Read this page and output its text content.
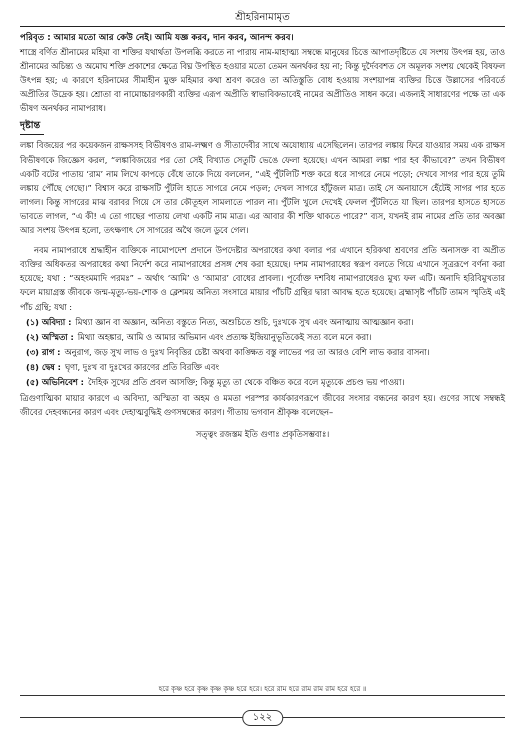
শ্রীহরিনামামৃত

পরিবৃত : আমার মতো আর কেউ নেই। আমি যজ্ঞ করব, দান করব, আনন্দ করব।

শাস্ত্রে বর্ণিত শ্রীনামের মহিমা বা শক্তির যথার্থতা উপলব্ধি করতে না পারায় নাম-মাহাত্ম্য সম্বন্ধে মানুষের চিত্তে আপাতদৃষ্টিতে যে সংশয় উৎপন্ন হয়, তাও শ্রীনামের অচিন্ত্য ও অমোঘ শক্তি প্রকাশের ক্ষেত্রে বিঘ্ন উপস্থিত হওয়ার মতো তেমন অনর্থকর হয় না; কিন্তু দুর্দৈববশত সে অমূলক সংশয় থেকেই বিষফল উৎপন্ন হয়; এ কারণে হরিনামের সীমাহীন মুক্ত মহিমার কথা শ্রবণ করেও তা অতিস্তুতি বোধ হওয়ায় সংশয়াপন্ন ব্যক্তির চিত্তে উল্লাসের পরিবর্তে অপ্রীতির উদ্রেক হয়। শ্রোতা বা নামোচ্চারণকারী ব্যক্তির এরূপ অপ্রীতি স্বাভাবিকভাবেই নামের অপ্রীতিও সাধন করে। এজন্যই সাধারণের পক্ষে তা এক ভীষণ অনর্থকর নামাপরাধ।

দৃষ্টান্ত

লঙ্কা বিজয়ের পর কয়েকজন রাক্ষসসহ বিভীষণও রাম-লক্ষ্মণ ও সীতাদেবীর সাথে অযোধ্যায় এসেছিলেন। তারপর লঙ্কায় ফিরে যাওয়ার সময় এক রাক্ষস বিভীষণকে জিজ্ঞেস করল, “লঙ্কাবিজয়ের পর তো সেই বিখ্যাত সেতুটি ভেঙে ফেলা হয়েছে। এখন আমরা লঙ্কা পার হব কীভাবে?” তখন বিভীষণ একটি বটের পাতায় ‘রাম’ নাম লিখে কাপড়ে বেঁধে তাকে দিয়ে বললেন, “এই পুঁটলিটি শক্ত করে ধরে সাগরে নেমে পড়ো; দেখবে সাগর পার হয়ে তুমি লঙ্কায় পৌঁছে গেছো।” বিশ্বাস করে রাক্ষসটি পুঁটলি হাতে সাগরে নেমে পড়ল; দেখল সাগরে হাঁটুজল মাত্র। তাই সে অনায়াসে হেঁটেই সাগর পার হতে লাগল। কিন্তু সাগরের মাঝ বরাবর গিয়ে সে তার কৌতূহল সামলাতে পারল না। পুঁটলি খুলে দেখেই ফেলল পুঁটলিতে যা ছিল। তারপর হাসতে হাসতে ভাবতে লাগল, “এ কী! এ তো গাছের পাতায় লেখা একটি নাম মাত্র। এর আবার কী শক্তি থাকতে পারে?” ব্যস, যখনই রাম নামের প্রতি তার অবজ্ঞা আর সংশয় উৎপন্ন হলো, তৎক্ষণাৎ সে সাগরের অথৈ জলে ডুবে গেল।

নবম নামাপরাধে শ্রদ্ধাহীন ব্যক্তিকে নামোপদেশ প্রদানে উপদেষ্টার অপরাধের কথা বলার পর এখানে হরিকথা শ্রবণের প্রতি অনাসক্ত বা অপ্রীত ব্যক্তির অধিকতর অপরাধের কথা নির্দেশ করে নামাপরাধের প্রসঙ্গ শেষ করা হয়েছে। দশম নামাপরাধের স্বরূপ বলতে গিয়ে এখানে সূত্ররূপে বর্ণনা করা হয়েছে; যথা : “অহংমমাদি পরমঃ” – অর্থাৎ ‘আমি’ ও ‘আমার’ বোধের প্রাবল্য। পূর্বোক্ত দশবিধ নামাপরাধেরও মুখ্য ফল এটি। অনাদি হরিবিমুখতার ফলে মায়াগ্রস্ত জীবকে জন্ম-মৃত্যু-ভয়-শোক ও ক্লেশময় অনিত্য সংসারে মায়ার পাঁচটি গ্রন্থির দ্বারা আবদ্ধ হতে হয়েছে। ব্রহ্মাসৃষ্ট পাঁচটি তামস স্মৃতিই এই পাঁচ গ্রন্থি; যথা :

(১) অবিদ্যা : মিথ্যা জ্ঞান বা অজ্ঞান, অনিত্য বস্তুতে নিত্য, অশুচিতে শুচি, দুঃখকে সুখ এবং অনাত্মায় আত্মজ্ঞান করা।
(২) অস্মিতা : মিথ্যা অহঙ্কার, আমি ও আমার অভিমান এবং প্রত্যক্ষ ইন্দ্রিয়ানুভূতিকেই সত্য বলে মনে করা।
(৩) রাগ : অনুরাগ, জড় সুখ লাভ ও দুঃখ নিবৃত্তির চেষ্টা অথবা কাঙ্ক্ষিত বস্তু লাভের পর তা আরও বেশি লাভ করার বাসনা।
(৪) দ্বেষ : ঘৃণা, দুঃখ বা দুঃখের কারণের প্রতি বিরক্তি এবং
(৫) অভিনিবেশ : দৈহিক সুখের প্রতি প্রবল আসক্তি; কিন্তু মৃত্যু তা থেকে বঞ্চিত করে বলে মৃত্যুকে প্রচণ্ড ভয় পাওয়া।

ত্রিগুণাত্মিকা মায়ার কারণে এ অবিদ্যা, অস্মিতা বা অহম ও মমতা পরস্পর কার্যকারণরূপে জীবের সংসার বন্ধনের কারণ হয়। গুণের সাথে সম্বন্ধই জীবের দেহবন্ধনের কারণ এবং দেহাত্মবুদ্ধিই গুণসম্বন্ধের কারণ। গীতায় ভগবান শ্রীকৃষ্ণ বলেছেন–

সত্ত্বং রজস্তম ইতি গুণাঃ প্রকৃতিসম্ভবাঃ।
হরে কৃষ্ণ হরে কৃষ্ণ কৃষ্ণ কৃষ্ণ হরে হরে। হরে রাম হরে রাম রাম রাম হরে হরে ॥
১২২
